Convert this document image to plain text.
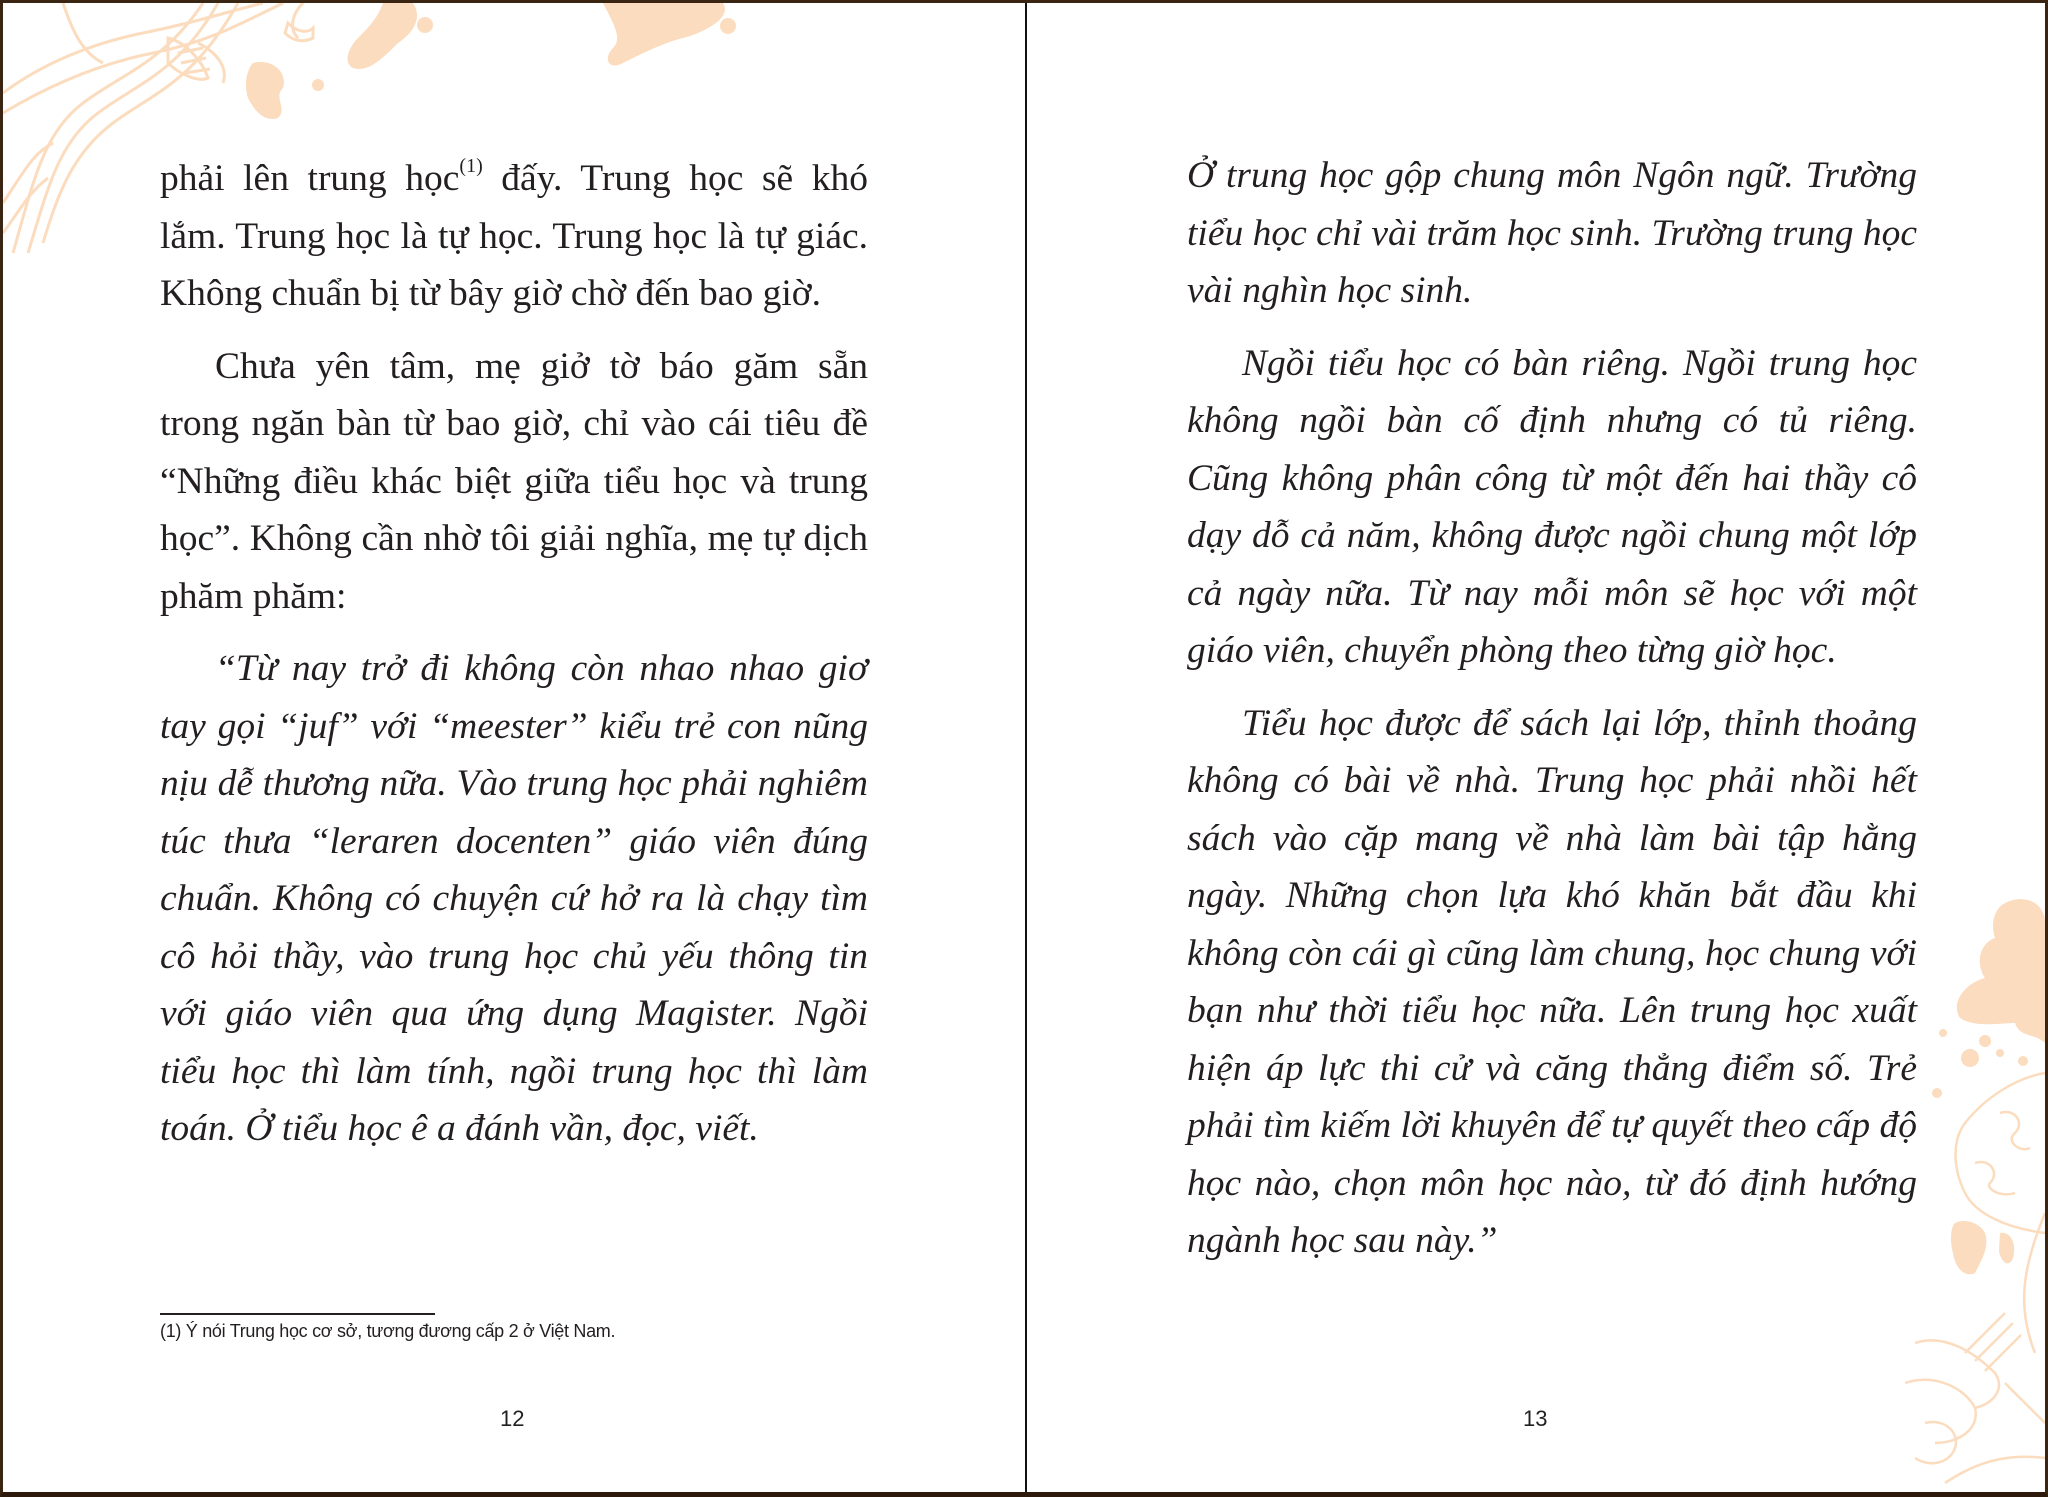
phải lên trung học$^{(1)}$ đấy. Trung học sẽ khó lắm. Trung học là tự học. Trung học là tự giác. Không chuẩn bị từ bây giờ chờ đến bao giờ.

Chưa yên tâm, mẹ giở tờ báo găm sẵn trong ngăn bàn từ bao giờ, chỉ vào cái tiêu đề “Những điều khác biệt giữa tiểu học và trung học”. Không cần nhờ tôi giải nghĩa, mẹ tự dịch phăm phăm:

“Từ nay trở đi không còn nhao nhao giơ tay gọi “juf” với “meester” kiểu trẻ con nũng nịu dễ thương nữa. Vào trung học phải nghiêm túc thưa “leraren docenten” giáo viên đúng chuẩn. Không có chuyện cứ hở ra là chạy tìm cô hỏi thầy, vào trung học chủ yếu thông tin với giáo viên qua ứng dụng Magister. Ngồi tiểu học thì làm tính, ngồi trung học thì làm toán. Ở tiểu học ê a đánh vần, đọc, viết.

(1) Ý nói Trung học cơ sở, tương đương cấp 2 ở Việt Nam.
12

Ở trung học gộp chung môn Ngôn ngữ. Trường tiểu học chỉ vài trăm học sinh. Trường trung học vài nghìn học sinh.

Ngồi tiểu học có bàn riêng. Ngồi trung học không ngồi bàn cố định nhưng có tủ riêng. Cũng không phân công từ một đến hai thầy cô dạy dỗ cả năm, không được ngồi chung một lớp cả ngày nữa. Từ nay mỗi môn sẽ học với một giáo viên, chuyển phòng theo từng giờ học.

Tiểu học được để sách lại lớp, thỉnh thoảng không có bài về nhà. Trung học phải nhồi hết sách vào cặp mang về nhà làm bài tập hằng ngày. Những chọn lựa khó khăn bắt đầu khi không còn cái gì cũng làm chung, học chung với bạn như thời tiểu học nữa. Lên trung học xuất hiện áp lực thi cử và căng thẳng điểm số. Trẻ phải tìm kiếm lời khuyên để tự quyết theo cấp độ học nào, chọn môn học nào, từ đó định hướng ngành học sau này.”

13
